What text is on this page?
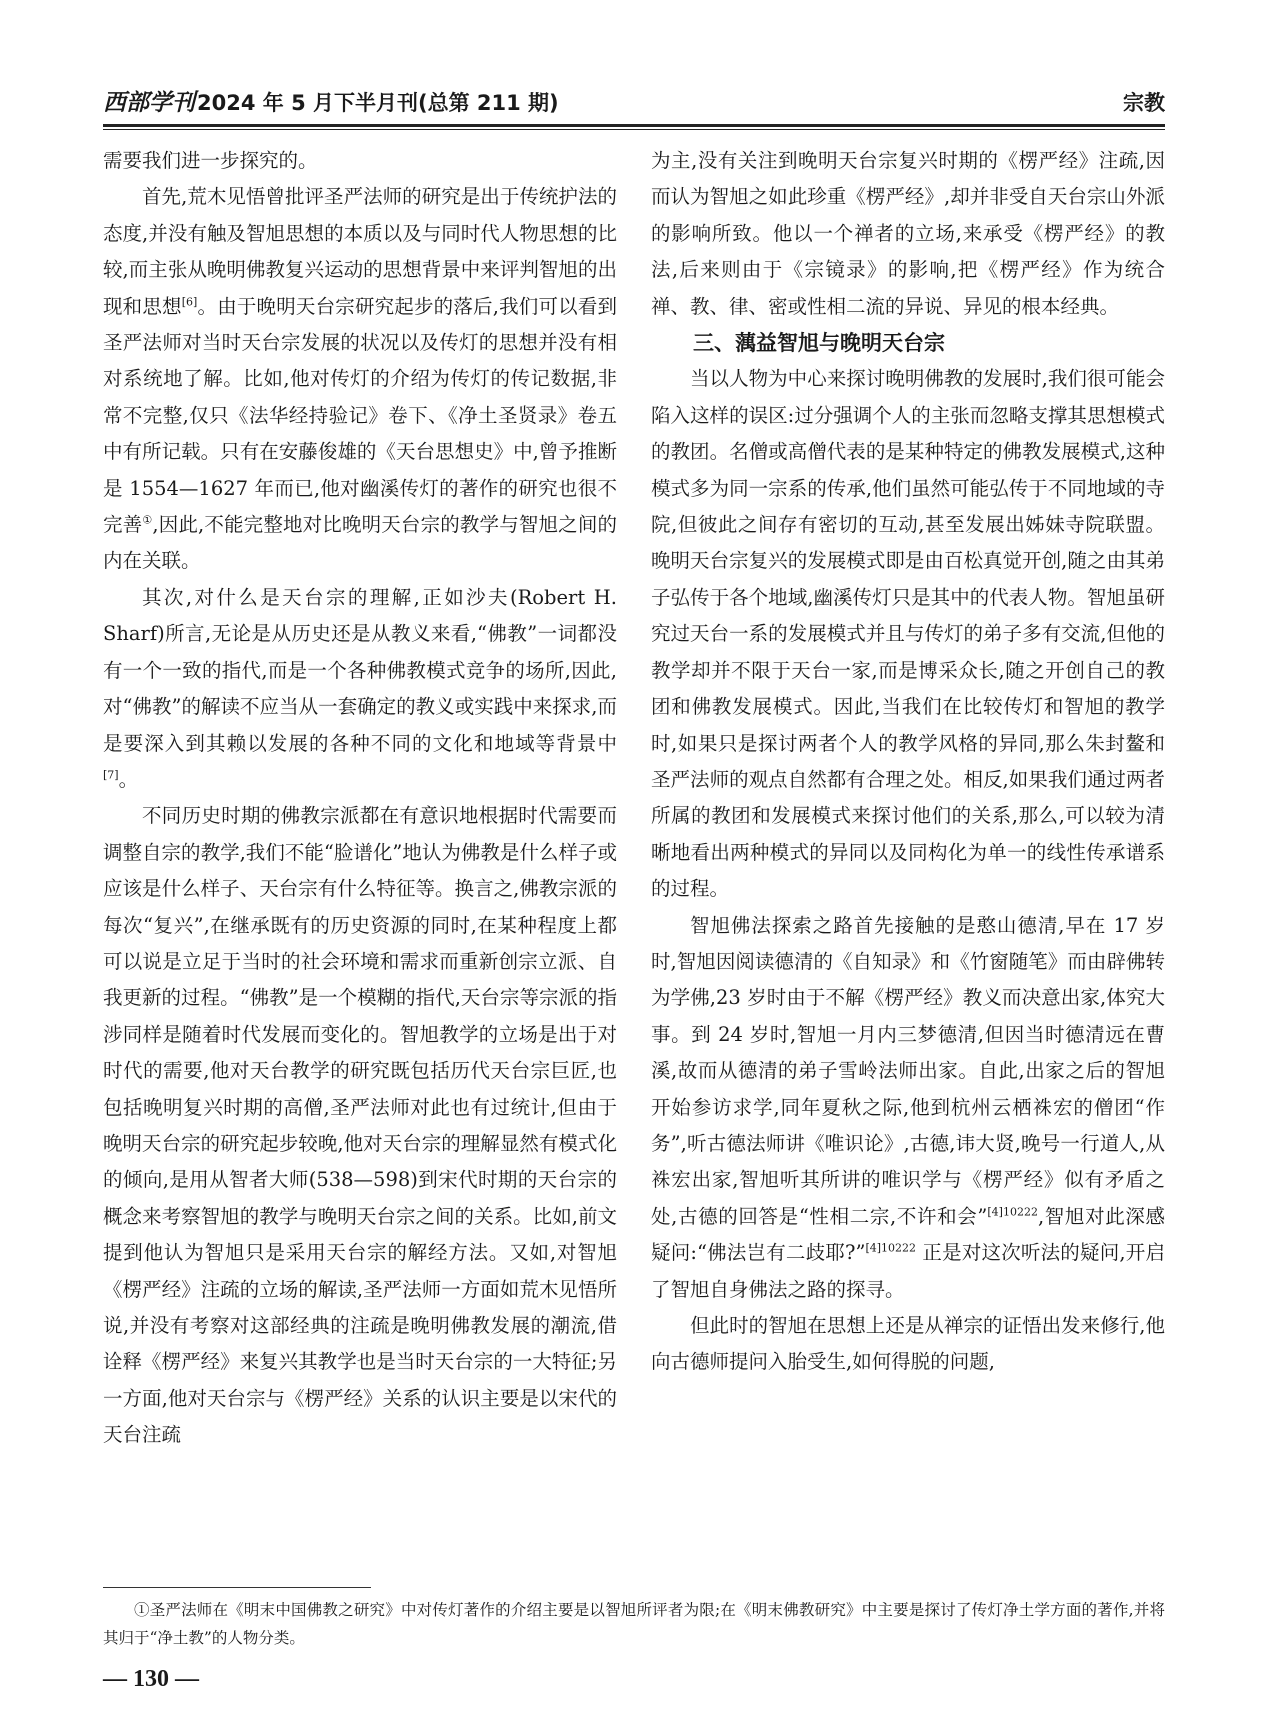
西部学刊2024 年 5 月下半月刊(总第 211 期)	宗教

需要我们进一步探究的。

首先,荒木见悟曾批评圣严法师的研究是出于传统护法的态度,并没有触及智旭思想的本质以及与同时代人物思想的比较,而主张从晚明佛教复兴运动的思想背景中来评判智旭的出现和思想[6]。由于晚明天台宗研究起步的落后,我们可以看到圣严法师对当时天台宗发展的状况以及传灯的思想并没有相对系统地了解。比如,他对传灯的介绍为传灯的传记数据,非常不完整,仅只《法华经持验记》卷下、《净土圣贤录》卷五中有所记载。只有在安藤俊雄的《天台思想史》中,曾予推断是 1554—1627 年而已,他对幽溪传灯的著作的研究也很不完善①,因此,不能完整地对比晚明天台宗的教学与智旭之间的内在关联。

其次,对什么是天台宗的理解,正如沙夫(Robert H. Sharf)所言,无论是从历史还是从教义来看,“佛教”一词都没有一个一致的指代,而是一个各种佛教模式竞争的场所,因此,对“佛教”的解读不应当从一套确定的教义或实践中来探求,而是要深入到其赖以发展的各种不同的文化和地域等背景中[7]。

不同历史时期的佛教宗派都在有意识地根据时代需要而调整自宗的教学,我们不能“脸谱化”地认为佛教是什么样子或应该是什么样子、天台宗有什么特征等。换言之,佛教宗派的每次“复兴”,在继承既有的历史资源的同时,在某种程度上都可以说是立足于当时的社会环境和需求而重新创宗立派、自我更新的过程。“佛教”是一个模糊的指代,天台宗等宗派的指涉同样是随着时代发展而变化的。智旭教学的立场是出于对时代的需要,他对天台教学的研究既包括历代天台宗巨匠,也包括晚明复兴时期的高僧,圣严法师对此也有过统计,但由于晚明天台宗的研究起步较晚,他对天台宗的理解显然有模式化的倾向,是用从智者大师(538—598)到宋代时期的天台宗的概念来考察智旭的教学与晚明天台宗之间的关系。比如,前文提到他认为智旭只是采用天台宗的解经方法。又如,对智旭《楞严经》注疏的立场的解读,圣严法师一方面如荒木见悟所说,并没有考察对这部经典的注疏是晚明佛教发展的潮流,借诠释《楞严经》来复兴其教学也是当时天台宗的一大特征;另一方面,他对天台宗与《楞严经》关系的认识主要是以宋代的天台注疏

为主,没有关注到晚明天台宗复兴时期的《楞严经》注疏,因而认为智旭之如此珍重《楞严经》,却并非受自天台宗山外派的影响所致。他以一个禅者的立场,来承受《楞严经》的教法,后来则由于《宗镜录》的影响,把《楞严经》作为统合禅、教、律、密或性相二流的异说、异见的根本经典。

三、蕅益智旭与晚明天台宗

当以人物为中心来探讨晚明佛教的发展时,我们很可能会陷入这样的误区:过分强调个人的主张而忽略支撑其思想模式的教团。名僧或高僧代表的是某种特定的佛教发展模式,这种模式多为同一宗系的传承,他们虽然可能弘传于不同地域的寺院,但彼此之间存有密切的互动,甚至发展出姊妹寺院联盟。晚明天台宗复兴的发展模式即是由百松真觉开创,随之由其弟子弘传于各个地域,幽溪传灯只是其中的代表人物。智旭虽研究过天台一系的发展模式并且与传灯的弟子多有交流,但他的教学却并不限于天台一家,而是博采众长,随之开创自己的教团和佛教发展模式。因此,当我们在比较传灯和智旭的教学时,如果只是探讨两者个人的教学风格的异同,那么朱封鳌和圣严法师的观点自然都有合理之处。相反,如果我们通过两者所属的教团和发展模式来探讨他们的关系,那么,可以较为清晰地看出两种模式的异同以及同构化为单一的线性传承谱系的过程。

智旭佛法探索之路首先接触的是憨山德清,早在 17 岁时,智旭因阅读德清的《自知录》和《竹窗随笔》而由辟佛转为学佛,23 岁时由于不解《楞严经》教义而决意出家,体究大事。到 24 岁时,智旭一月内三梦德清,但因当时德清远在曹溪,故而从德清的弟子雪岭法师出家。自此,出家之后的智旭开始参访求学,同年夏秋之际,他到杭州云栖袾宏的僧团“作务”,听古德法师讲《唯识论》,古德,讳大贤,晚号一行道人,从袾宏出家,智旭听其所讲的唯识学与《楞严经》似有矛盾之处,古德的回答是“性相二宗,不许和会”$^{[4]10222}$,智旭对此深感疑问:“佛法岂有二歧耶?”$^{[4]10222}$ 正是对这次听法的疑问,开启了智旭自身佛法之路的探寻。

但此时的智旭在思想上还是从禅宗的证悟出发来修行,他向古德师提问入胎受生,如何得脱的问题,

①圣严法师在《明末中国佛教之研究》中对传灯著作的介绍主要是以智旭所评者为限;在《明末佛教研究》中主要是探讨了传灯净土学方面的著作,并将其归于“净土教”的人物分类。
— 130 —
